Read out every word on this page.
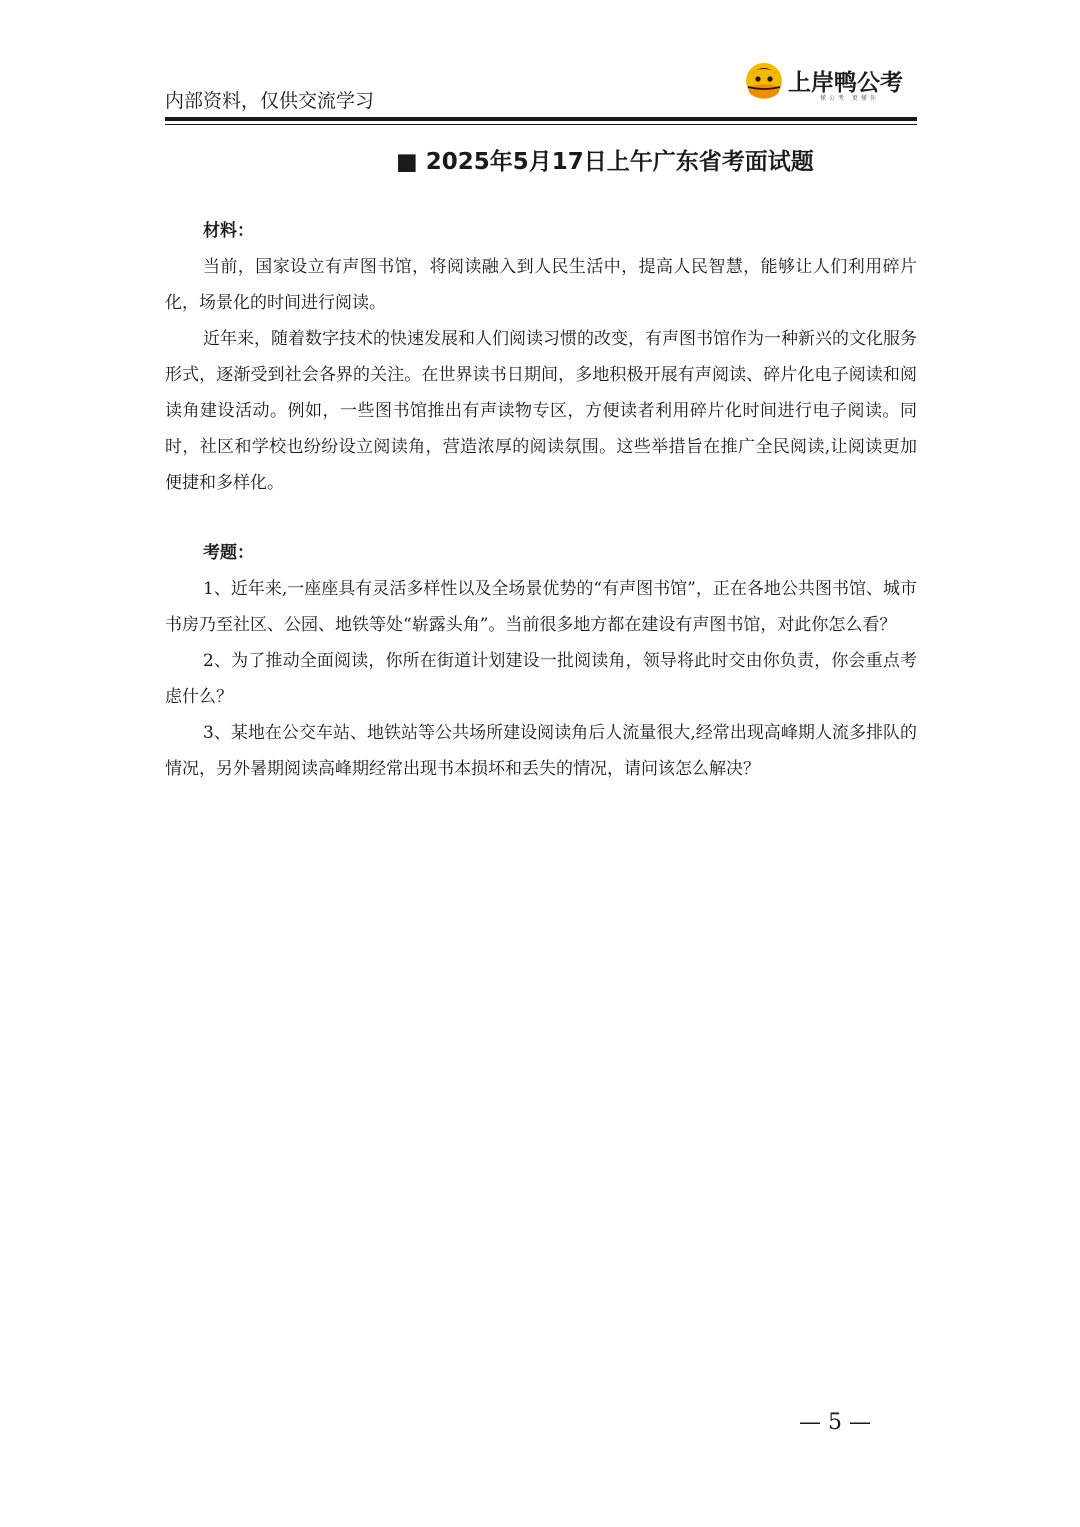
内部资料，仅供交流学习
上岸鸭公考
懂公考 更懂你
■ 2025年5月17日上午广东省考面试题

材料：

当前，国家设立有声图书馆，将阅读融入到人民生活中，提高人民智慧，能够让人们利用碎片化，场景化的时间进行阅读。

近年来，随着数字技术的快速发展和人们阅读习惯的改变，有声图书馆作为一种新兴的文化服务形式，逐渐受到社会各界的关注。在世界读书日期间，多地积极开展有声阅读、碎片化电子阅读和阅读角建设活动。例如，一些图书馆推出有声读物专区，方便读者利用碎片化时间进行电子阅读。同时，社区和学校也纷纷设立阅读角，营造浓厚的阅读氛围。这些举措旨在推广全民阅读,让阅读更加便捷和多样化。

考题：

1、近年来,一座座具有灵活多样性以及全场景优势的“有声图书馆”，正在各地公共图书馆、城市书房乃至社区、公园、地铁等处“崭露头角”。当前很多地方都在建设有声图书馆，对此你怎么看？

2、为了推动全面阅读，你所在街道计划建设一批阅读角，领导将此时交由你负责，你会重点考虑什么？

3、某地在公交车站、地铁站等公共场所建设阅读角后人流量很大,经常出现高峰期人流多排队的情况，另外暑期阅读高峰期经常出现书本损坏和丢失的情况，请问该怎么解决？

— 5 —
